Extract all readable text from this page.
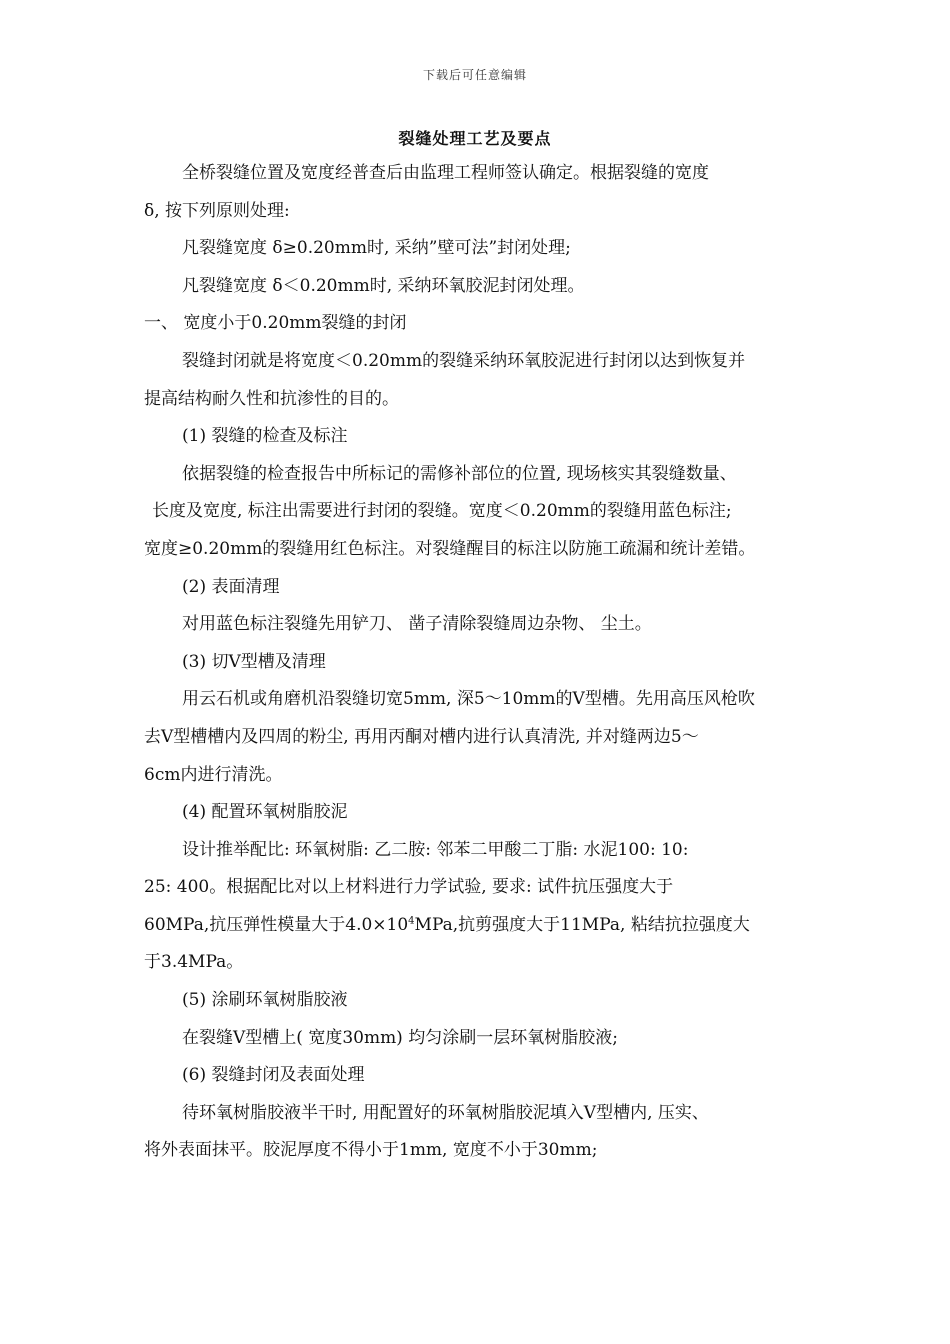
下载后可任意编辑
裂缝处理工艺及要点
全桥裂缝位置及宽度经普查后由监理工程师签认确定。根据裂缝的宽度
δ, 按下列原则处理:
凡裂缝宽度 δ≥0.20mm时, 采纳”壁可法”封闭处理;
凡裂缝宽度 δ＜0.20mm时, 采纳环氧胶泥封闭处理。
一、 宽度小于0.20mm裂缝的封闭
裂缝封闭就是将宽度＜0.20mm的裂缝采纳环氧胶泥进行封闭以达到恢复并
提高结构耐久性和抗渗性的目的。
(1) 裂缝的检查及标注
依据裂缝的检查报告中所标记的需修补部位的位置, 现场核实其裂缝数量、
长度及宽度, 标注出需要进行封闭的裂缝。宽度＜0.20mm的裂缝用蓝色标注;
宽度≥0.20mm的裂缝用红色标注。对裂缝醒目的标注以防施工疏漏和统计差错。
(2) 表面清理
对用蓝色标注裂缝先用铲刀、 凿子清除裂缝周边杂物、 尘土。
(3) 切V型槽及清理
用云石机或角磨机沿裂缝切宽5mm, 深5～10mm的V型槽。先用高压风枪吹
去V型槽槽内及四周的粉尘, 再用丙酮对槽内进行认真清洗, 并对缝两边5～
6cm内进行清洗。
(4) 配置环氧树脂胶泥
设计推举配比: 环氧树脂: 乙二胺: 邻苯二甲酸二丁脂: 水泥100: 10:
25: 400。根据配比对以上材料进行力学试验, 要求: 试件抗压强度大于
60MPa,抗压弹性模量大于$4.0\times 10^4MPa$,抗剪强度大于11MPa, 粘结抗拉强度大
于3.4MPa。
(5) 涂刷环氧树脂胶液
在裂缝V型槽上( 宽度30mm) 均匀涂刷一层环氧树脂胶液;
(6) 裂缝封闭及表面处理
待环氧树脂胶液半干时, 用配置好的环氧树脂胶泥填入V型槽内, 压实、
将外表面抹平。胶泥厚度不得小于1mm, 宽度不小于30mm;
